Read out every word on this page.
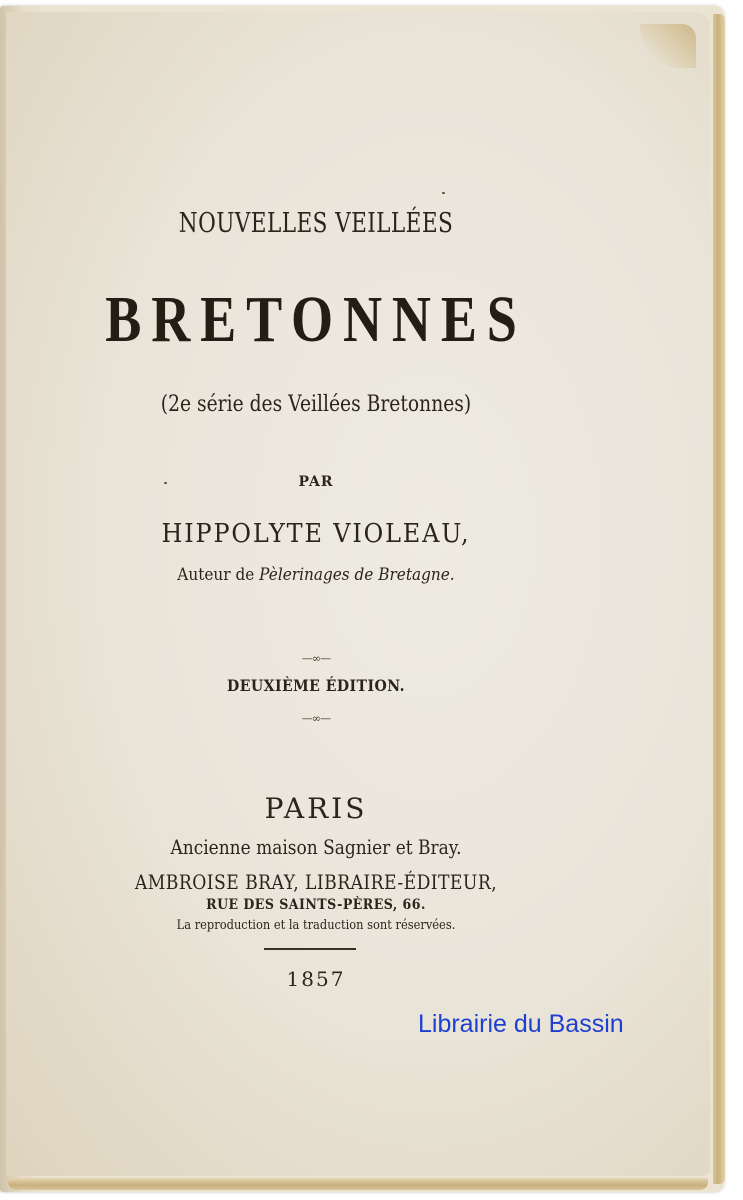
NOUVELLES VEILLÉES
BRETONNES
(2e série des Veillées Bretonnes)
PAR
HIPPOLYTE VIOLEAU,
Auteur de Pèlerinages de Bretagne.
—∞—
DEUXIÈME ÉDITION.
—∞—
PARIS
Ancienne maison Sagnier et Bray.
AMBROISE BRAY, LIBRAIRE-ÉDITEUR,
RUE DES SAINTS-PÈRES, 66.
La reproduction et la traduction sont réservées.
1857
Librairie du Bassin
